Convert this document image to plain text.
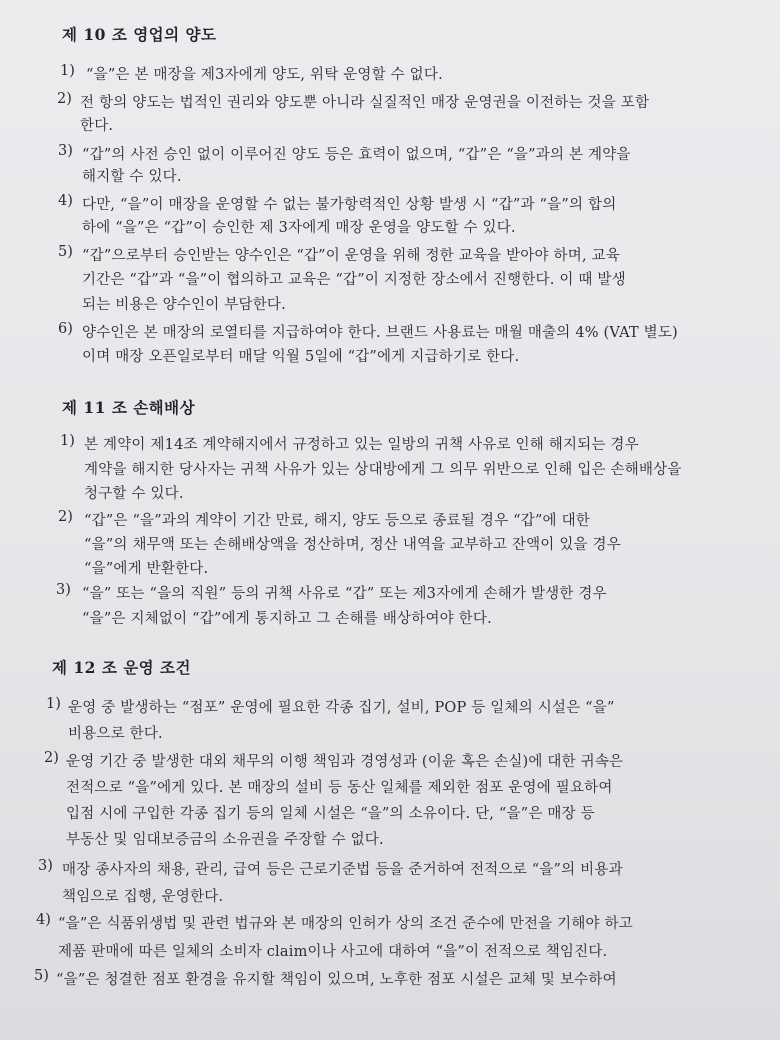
제 10 조 영업의 양도
1) “을”은 본 매장을 제3자에게 양도, 위탁 운영할 수 없다.
2) 전 항의 양도는 법적인 권리와 양도뿐 아니라 실질적인 매장 운영권을 이전하는 것을 포함
한다.
3) “갑”의 사전 승인 없이 이루어진 양도 등은 효력이 없으며, “갑”은 “을”과의 본 계약을
해지할 수 있다.
4) 다만, “을”이 매장을 운영할 수 없는 불가항력적인 상황 발생 시 “갑”과 “을”의 합의
하에 “을”은 “갑”이 승인한 제 3자에게 매장 운영을 양도할 수 있다.
5) “갑”으로부터 승인받는 양수인은 “갑”이 운영을 위해 정한 교육을 받아야 하며, 교육
기간은 “갑”과 “을”이 협의하고 교육은 “갑”이 지정한 장소에서 진행한다. 이 때 발생
되는 비용은 양수인이 부담한다.
6) 양수인은 본 매장의 로열티를 지급하여야 한다. 브랜드 사용료는 매월 매출의 4% (VAT 별도)
이며 매장 오픈일로부터 매달 익월 5일에 “갑”에게 지급하기로 한다.
제 11 조 손해배상
1) 본 계약이 제14조 계약해지에서 규정하고 있는 일방의 귀책 사유로 인해 해지되는 경우
계약을 해지한 당사자는 귀책 사유가 있는 상대방에게 그 의무 위반으로 인해 입은 손해배상을
청구할 수 있다.
2) “갑”은 “을”과의 계약이 기간 만료, 해지, 양도 등으로 종료될 경우 “갑”에 대한
“을”의 채무액 또는 손해배상액을 정산하며, 정산 내역을 교부하고 잔액이 있을 경우
“을”에게 반환한다.
3) “을” 또는 “을의 직원” 등의 귀책 사유로 “갑” 또는 제3자에게 손해가 발생한 경우
“을”은 지체없이 “갑”에게 통지하고 그 손해를 배상하여야 한다.
제 12 조 운영 조건
1) 운영 중 발생하는 “점포” 운영에 필요한 각종 집기, 설비, POP 등 일체의 시설은 “을”
비용으로 한다.
2) 운영 기간 중 발생한 대외 채무의 이행 책임과 경영성과 (이윤 혹은 손실)에 대한 귀속은
전적으로 “을”에게 있다. 본 매장의 설비 등 동산 일체를 제외한 점포 운영에 필요하여
입점 시에 구입한 각종 집기 등의 일체 시설은 “을”의 소유이다. 단, “을”은 매장 등
부동산 및 임대보증금의 소유권을 주장할 수 없다.
3) 매장 종사자의 채용, 관리, 급여 등은 근로기준법 등을 준거하여 전적으로 “을”의 비용과
책임으로 집행, 운영한다.
4) “을”은 식품위생법 및 관련 법규와 본 매장의 인허가 상의 조건 준수에 만전을 기해야 하고
제품 판매에 따른 일체의 소비자 claim이나 사고에 대하여 “을”이 전적으로 책임진다.
5) “을”은 청결한 점포 환경을 유지할 책임이 있으며, 노후한 점포 시설은 교체 및 보수하여
